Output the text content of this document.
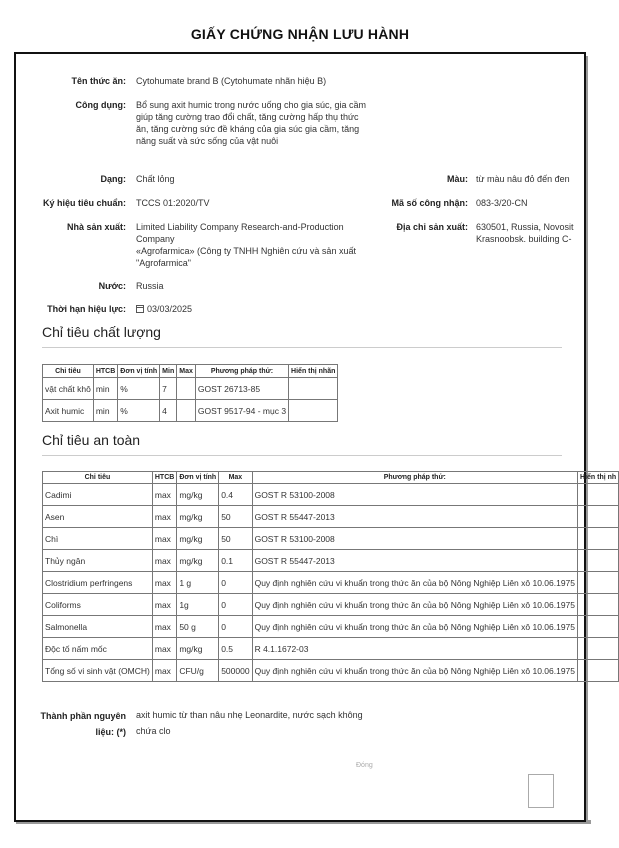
GIẤY CHỨNG NHẬN LƯU HÀNH
Tên thức ăn: Cytohumate brand B (Cytohumate nhãn hiệu B)
Công dụng: Bổ sung axit humic trong nước uống cho gia súc, gia cầm
giúp tăng cường trao đổi chất, tăng cường hấp thụ thức
ăn, tăng cường sức đề kháng của gia súc gia cầm, tăng
năng suất và sức sống của vật nuôi
Dạng: Chất lỏng	Màu: từ màu nâu đỏ đến đen
Ký hiệu tiêu chuẩn: TCCS 01:2020/TV	Mã số công nhận: 083-3/20-CN
Nhà sản xuất: Limited Liability Company Research-and-Production Company
«Agrofarmica» (Công ty TNHH Nghiên cứu và sản xuất
"Agrofarmica"
Địa chỉ sản xuất: 630501, Russia, Novosit
Krasnoobsk. building C-
Nước: Russia
Thời hạn hiệu lực:	03/03/2025
Chỉ tiêu chất lượng
Chỉ tiêu	HTCB	Đơn vị tính	Min	Max	Phương pháp thử:	Hiển thị nhãn
vật chất khô	min	%	7		GOST 26713-85	
Axit humic	min	%	4		GOST 9517-94 - mục 3	
Chỉ tiêu an toàn
Chỉ tiêu	HTCB	Đơn vị tính	Max	Phương pháp thử:	Hiển thị nh
Cadimi	max	mg/kg	0.4	GOST R 53100-2008	
Asen	max	mg/kg	50	GOST R 55447-2013	
Chì	max	mg/kg	50	GOST R 53100-2008	
Thủy ngân	max	mg/kg	0.1	GOST R 55447-2013	
Clostridium perfringens	max	1 g	0	Quy định nghiên cứu vi khuẩn trong thức ăn của bộ Nông Nghiệp Liên xô 10.06.1975	
Coliforms	max	1g	0	Quy định nghiên cứu vi khuẩn trong thức ăn của bộ Nông Nghiệp Liên xô 10.06.1975	
Salmonella	max	50 g	0	Quy định nghiên cứu vi khuẩn trong thức ăn của bộ Nông Nghiệp Liên xô 10.06.1975	
Độc tố nấm mốc	max	mg/kg	0.5	R 4.1.1672-03	
Tổng số vi sinh vật (OMCH)	max	CFU/g	500000	Quy định nghiên cứu vi khuẩn trong thức ăn của bộ Nông Nghiệp Liên xô 10.06.1975	
Thành phần nguyên
liệu: (*)
axit humic từ than nâu nhẹ Leonardite, nước sạch không
chứa clo
Đóng
